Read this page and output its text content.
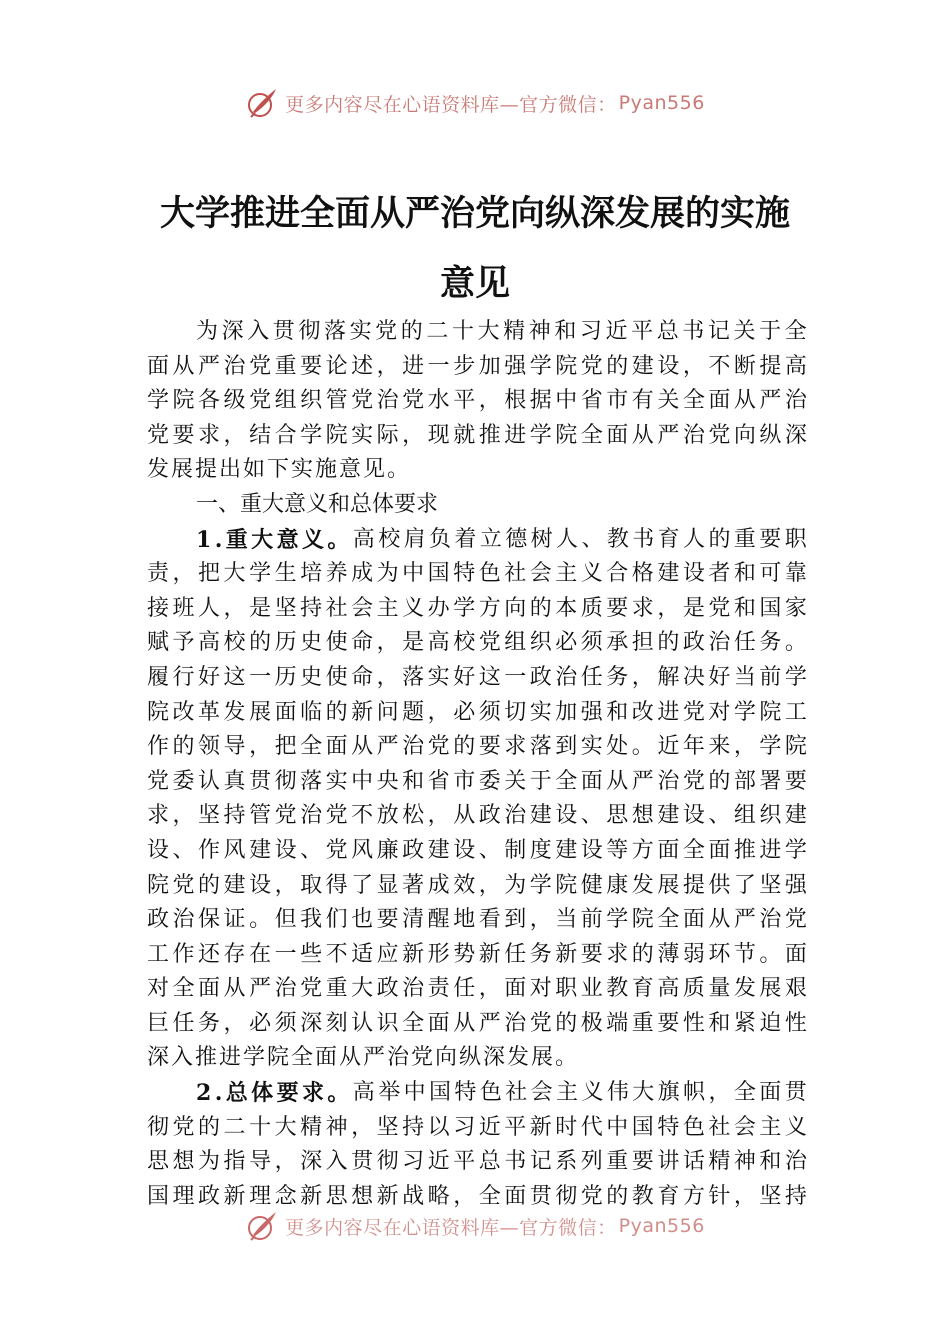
更多内容尽在心语资料库—官方微信： Pyan556
大学推进全面从严治党向纵深发展的实施
意见
为 深 入 贯 彻 落 实 党 的 二 十 大 精 神 和 习 近 平 总 书 记 关 于 全
面 从 严 治 党 重 要 论 述 ， 进 一 步 加 强 学 院 党 的 建 设 ， 不 断 提 高
学 院 各 级 党 组 织 管 党 治 党 水 平 ， 根 据 中 省 市 有 关 全 面 从 严 治
党 要 求 ， 结 合 学 院 实 际 ， 现 就 推 进 学 院 全 面 从 严 治 党 向 纵 深
发展提出如下实施意见。
一、重大意义和总体要求
1 . 重 大 意 义 。 高 校 肩 负 着 立 德 树 人 、 教 书 育 人 的 重 要 职
责 ， 把 大 学 生 培 养 成 为 中 国 特 色 社 会 主 义 合 格 建 设 者 和 可 靠
接 班 人 ， 是 坚 持 社 会 主 义 办 学 方 向 的 本 质 要 求 ， 是 党 和 国 家
赋 予 高 校 的 历 史 使 命 ， 是 高 校 党 组 织 必 须 承 担 的 政 治 任 务 。
履 行 好 这 一 历 史 使 命 ， 落 实 好 这 一 政 治 任 务 ， 解 决 好 当 前 学
院 改 革 发 展 面 临 的 新 问 题 ， 必 须 切 实 加 强 和 改 进 党 对 学 院 工
作 的 领 导 ， 把 全 面 从 严 治 党 的 要 求 落 到 实 处 。 近 年 来 ， 学 院
党 委 认 真 贯 彻 落 实 中 央 和 省 市 委 关 于 全 面 从 严 治 党 的 部 署 要
求 ， 坚 持 管 党 治 党 不 放 松 ， 从 政 治 建 设 、 思 想 建 设 、 组 织 建
设 、 作 风 建 设 、 党 风 廉 政 建 设 、 制 度 建 设 等 方 面 全 面 推 进 学
院 党 的 建 设 ， 取 得 了 显 著 成 效 ， 为 学 院 健 康 发 展 提 供 了 坚 强
政 治 保 证 。 但 我 们 也 要 清 醒 地 看 到 ， 当 前 学 院 全 面 从 严 治 党
工 作 还 存 在 一 些 不 适 应 新 形 势 新 任 务 新 要 求 的 薄 弱 环 节 。 面
对 全 面 从 严 治 党 重 大 政 治 责 任 ， 面 对 职 业 教 育 高 质 量 发 展 艰
巨 任 务 ， 必 须 深 刻 认 识 全 面 从 严 治 党 的 极 端 重 要 性 和 紧 迫 性
深入推进学院全面从严治党向纵深发展。
2 . 总 体 要 求 。 高 举 中 国 特 色 社 会 主 义 伟 大 旗 帜 ， 全 面 贯
彻 党 的 二 十 大 精 神 ， 坚 持 以 习 近 平 新 时 代 中 国 特 色 社 会 主 义
思 想 为 指 导 ， 深 入 贯 彻 习 近 平 总 书 记 系 列 重 要 讲 话 精 神 和 治
国 理 政 新 理 念 新 思 想 新 战 略 ， 全 面 贯 彻 党 的 教 育 方 针 ， 坚 持
更多内容尽在心语资料库—官方微信： Pyan556
